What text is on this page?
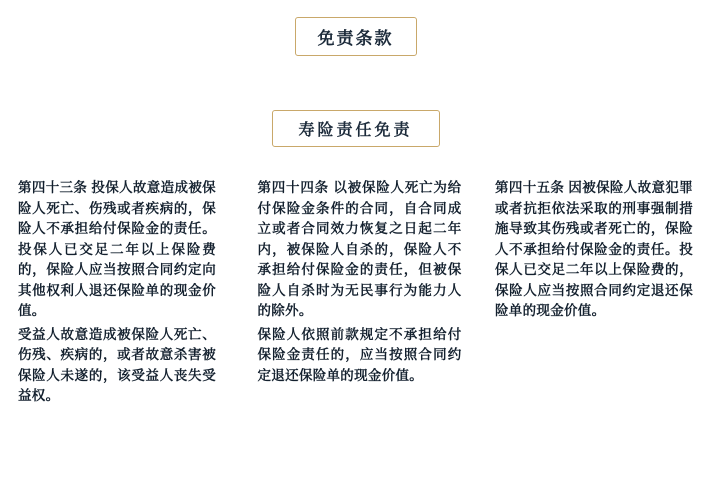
免责条款
寿险责任免责

第四十三条 投保人故意造成被保险人死亡、伤残或者疾病的，保险人不承担给付保险金的责任。投保人已交足二年以上保险费的，保险人应当按照合同约定向其他权利人退还保险单的现金价值。

受益人故意造成被保险人死亡、伤残、疾病的，或者故意杀害被保险人未遂的，该受益人丧失受益权。

第四十四条 以被保险人死亡为给付保险金条件的合同，自合同成立或者合同效力恢复之日起二年内，被保险人自杀的，保险人不承担给付保险金的责任，但被保险人自杀时为无民事行为能力人的除外。

保险人依照前款规定不承担给付保险金责任的，应当按照合同约定退还保险单的现金价值。

第四十五条 因被保险人故意犯罪或者抗拒依法采取的刑事强制措施导致其伤残或者死亡的，保险人不承担给付保险金的责任。投保人已交足二年以上保险费的，保险人应当按照合同约定退还保险单的现金价值。
